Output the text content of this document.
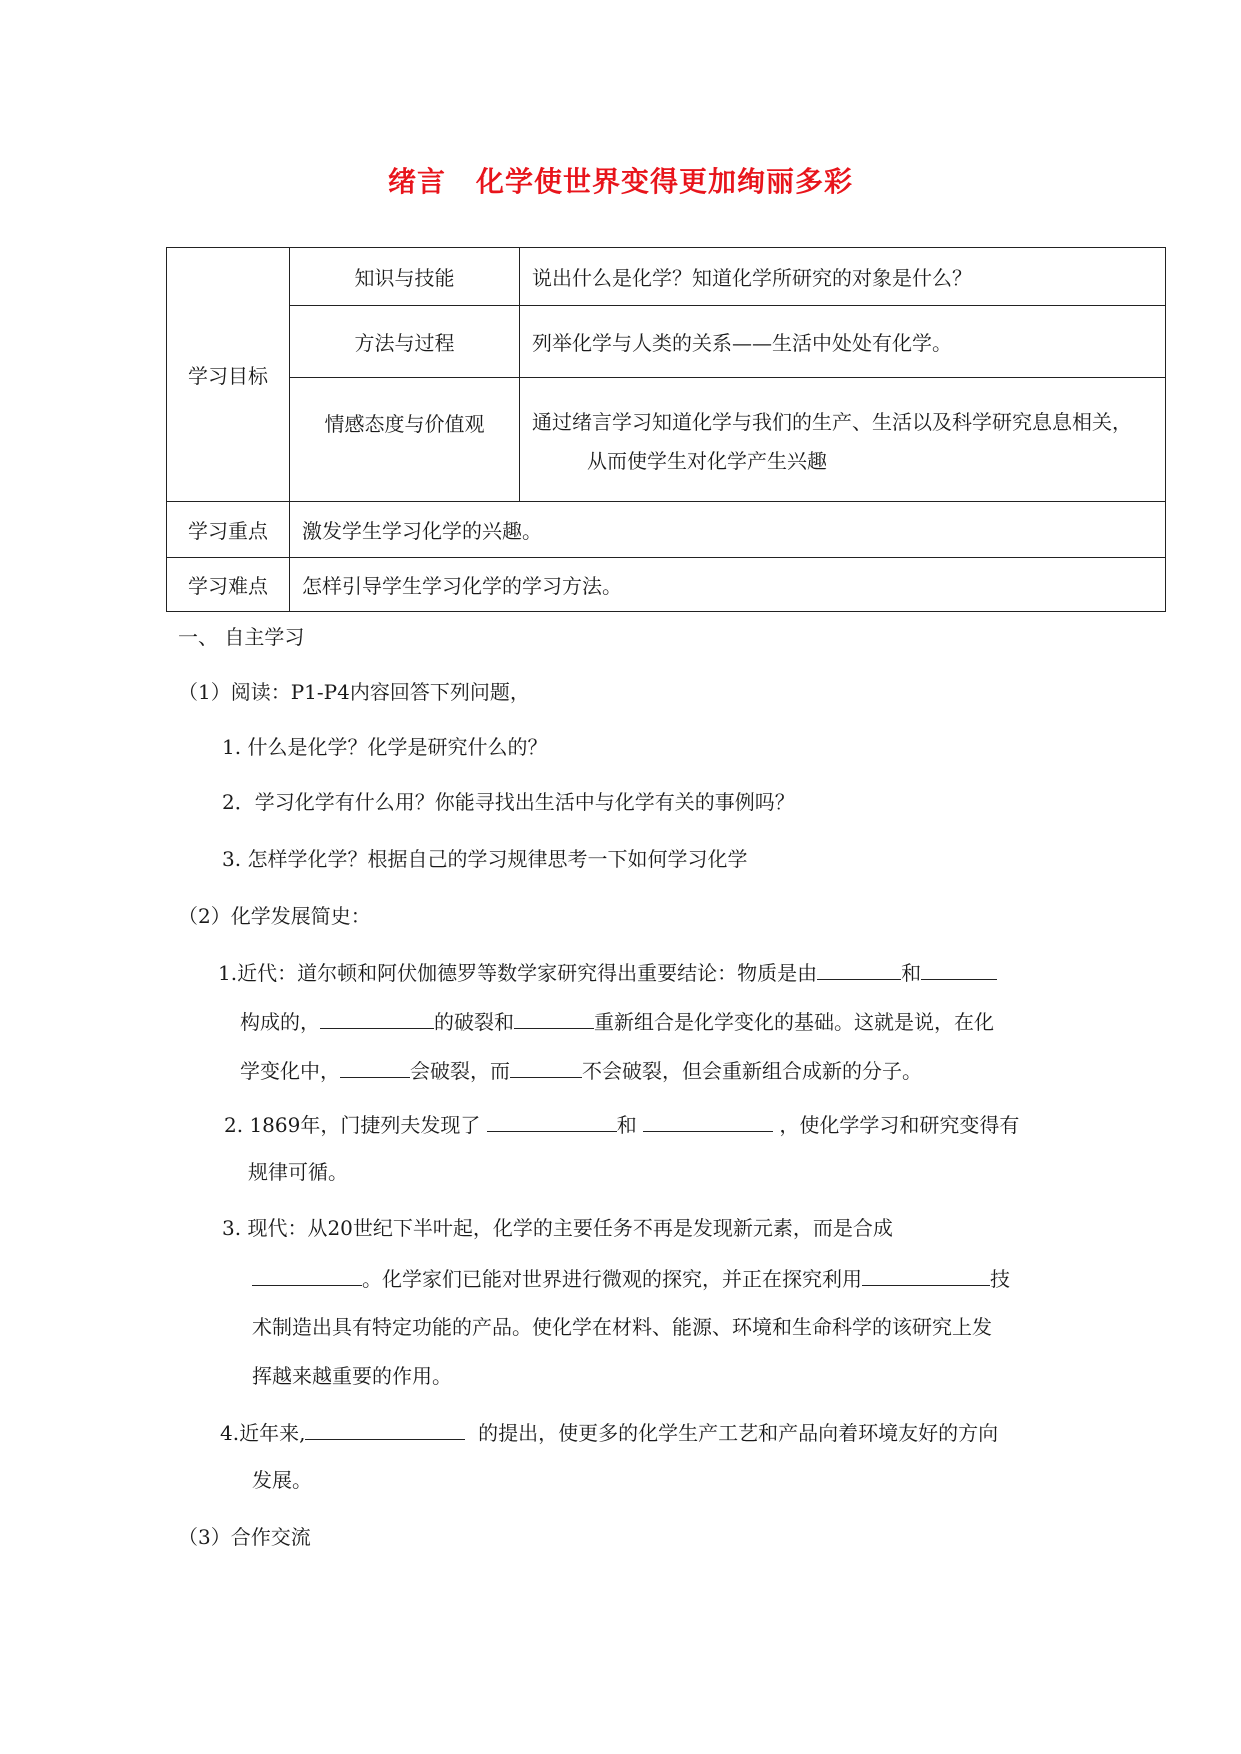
绪言 化学使世界变得更加绚丽多彩
学习目标	知识与技能	说出什么是化学？知道化学所研究的对象是什么？
	方法与过程	列举化学与人类的关系——生活中处处有化学。
	情感态度与价值观	通过绪言学习知道化学与我们的生产、生活以及科学研究息息相关，
从而使学生对化学产生兴趣

学习重点	激发学生学习化学的兴趣。	
学习难点	怎样引导学生学习化学的学习方法。	
一、 自主学习
（1）阅读：P1-P4内容回答下列问题，
1. 什么是化学？化学是研究什么的？
2．学习化学有什么用？你能寻找出生活中与化学有关的事例吗？
3. 怎样学化学？根据自己的学习规律思考一下如何学习化学
（2）化学发展简史：
1.近代：道尔顿和阿伏伽德罗等数学家研究得出重要结论：物质是由	和
构成的，	的破裂和	重新组合是化学变化的基础。这就是说，在化
学变化中，	会破裂，而	不会破裂，但会重新组合成新的分子。
2. 1869年，门捷列夫发现了	和	，使化学学习和研究变得有
规律可循。
3. 现代：从20世纪下半叶起，化学的主要任务不再是发现新元素，而是合成
。化学家们已能对世界进行微观的探究，并正在探究利用	技
术制造出具有特定功能的产品。使化学在材料、能源、环境和生命科学的该研究上发
挥越来越重要的作用。
4.近年来,	的提出，使更多的化学生产工艺和产品向着环境友好的方向
发展。
（3）合作交流
